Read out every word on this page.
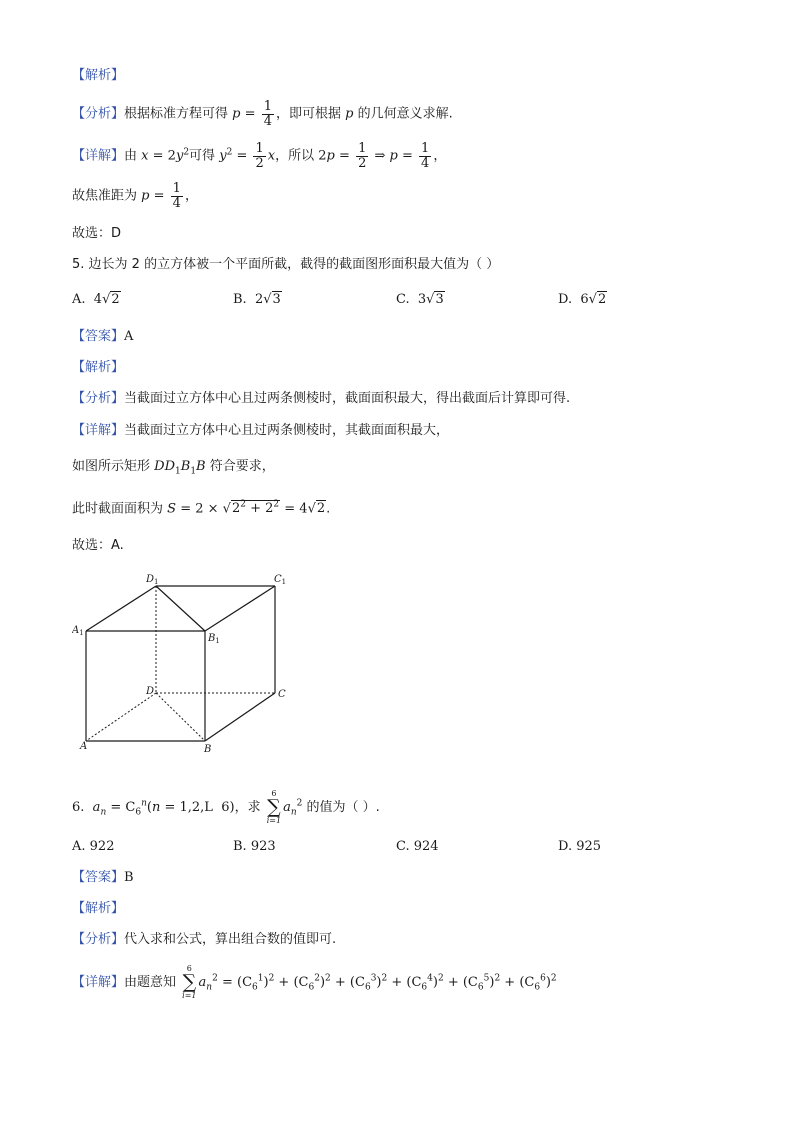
【解析】
【分析】根据标准方程可得 $p = \frac{1}{4}$ ，即可根据 p 的几何意义求解.
【详解】由 $x = 2y^2$可得 $y^2 = \frac{1}{2}$ x，所以 $2p = \frac{1}{2}$ ⇒ $p = \frac{1}{4}$ ，
故焦准距为 $p = \frac{1}{4}$ ，
故选：D
5. 边长为 2 的立方体被一个平面所截，截得的截面图形面积最大值为（ ）
A. 4√2	B. 2√3	C. 3√3	D. 6√2
【答案】A
【解析】
【分析】当截面过立方体中心且过两条侧棱时，截面面积最大，得出截面后计算即可得.
【详解】当截面过立方体中心且过两条侧棱时，其截面面积最大，
如图所示矩形 $DD_1B_1B$ 符合要求，
此时截面面积为 $S = 2 \times √2^2 + 2^2 = 4√2$.
故选：A.
$D_1$	$C_1$
$A_1$	$B_1$
D	C
A	B
6. $a_n = C_6^n(n = 1,2,L$  6)，求
6
∑
i=1
$a_n^2$ 的值为（ ）.
A. 922	B. 923	C. 924	D. 925
【答案】B
【解析】
【分析】代入求和公式，算出组合数的值即可.
【详解】由题意知
6
∑
i=1
$a_n^2 = (C_6^1)^2 + (C_6^2)^2 + (C_6^3)^2 + (C_6^4)^2 + (C_6^5)^2 + (C_6^6)^2$
